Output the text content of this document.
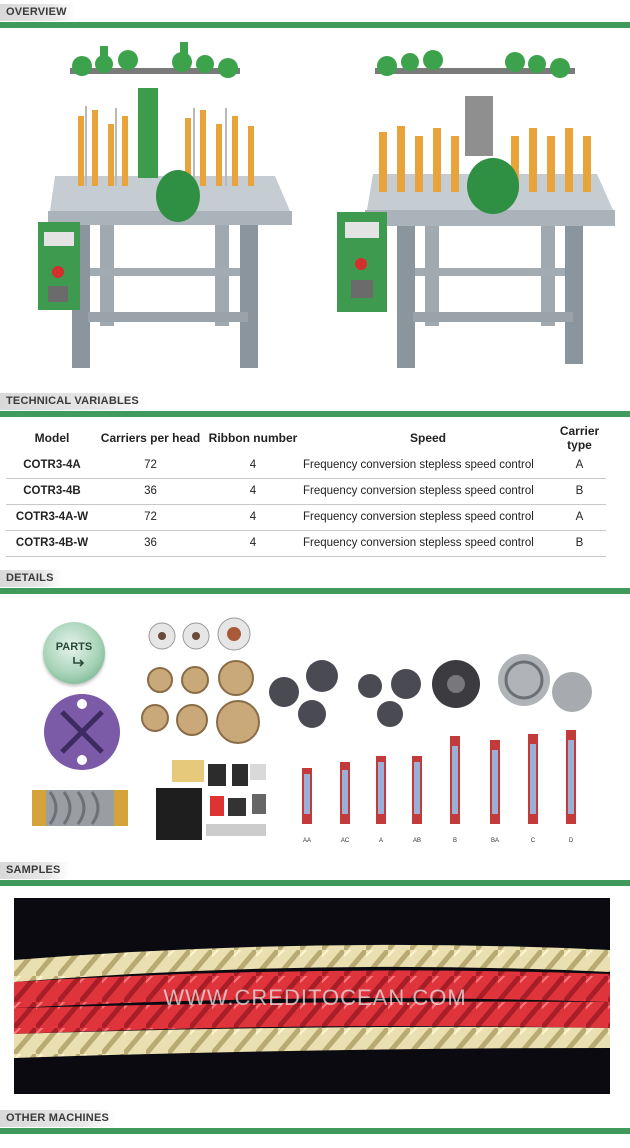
OVERVIEW
TECHNICAL VARIABLES
Model	Carriers per head	Ribbon number	Speed	Carrier type
COTR3-4A	72	4	Frequency conversion stepless speed control	A
COTR3-4B	36	4	Frequency conversion stepless speed control	B
COTR3-4A-W	72	4	Frequency conversion stepless speed control	A
COTR3-4B-W	36	4	Frequency conversion stepless speed control	B
DETAILS
PARTS
AA	AC	A	AB	B	BA	C	D
SAMPLES
WWW.CREDITOCEAN.COM
OTHER MACHINES
